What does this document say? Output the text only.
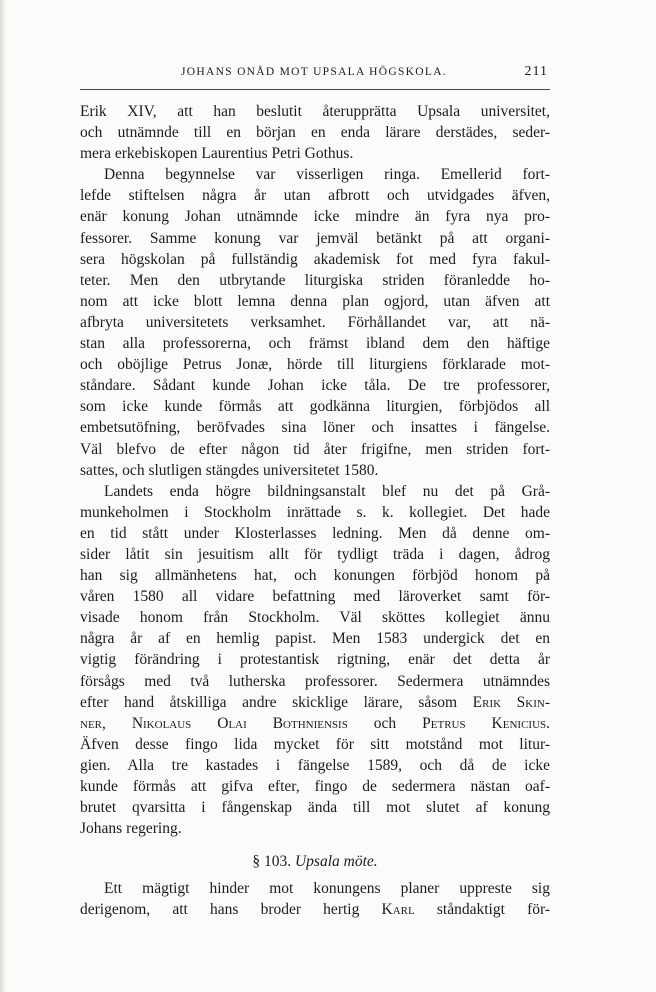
JOHANS ONÅD MOT UPSALA HÖGSKOLA.	211
Erik XIV, att han beslutit återupprätta Upsala universitet,
och utnämnde till en början en enda lärare derstädes, seder-
mera erkebiskopen Laurentius Petri Gothus.
Denna begynnelse var visserligen ringa. Emellerid fort-
lefde stiftelsen några år utan afbrott och utvidgades äfven,
enär konung Johan utnämnde icke mindre än fyra nya pro-
fessorer. Samme konung var jemväl betänkt på att organi-
sera högskolan på fullständig akademisk fot med fyra fakul-
teter. Men den utbrytande liturgiska striden föranledde ho-
nom att icke blott lemna denna plan ogjord, utan äfven att
afbryta universitetets verksamhet. Förhållandet var, att nä-
stan alla professorerna, och främst ibland dem den häftige
och oböjlige Petrus Jonæ, hörde till liturgiens förklarade mot-
ståndare. Sådant kunde Johan icke tåla. De tre professorer,
som icke kunde förmås att godkänna liturgien, förbjödos all
embetsutöfning, beröfvades sina löner och insattes i fängelse.
Väl blefvo de efter någon tid åter frigifne, men striden fort-
sattes, och slutligen stängdes universitetet 1580.
Landets enda högre bildningsanstalt blef nu det på Grå-
munkeholmen i Stockholm inrättade s. k. kollegiet. Det hade
en tid stått under Klosterlasses ledning. Men då denne om-
sider låtit sin jesuitism allt för tydligt träda i dagen, ådrog
han sig allmänhetens hat, och konungen förbjöd honom på
våren 1580 all vidare befattning med läroverket samt för-
visade honom från Stockholm. Väl sköttes kollegiet ännu
några år af en hemlig papist. Men 1583 undergick det en
vigtig förändring i protestantisk rigtning, enär det detta år
försågs med två lutherska professorer. Sedermera utnämndes
efter hand åtskilliga andre skicklige lärare, såsom Erik Skin-
ner, Nikolaus Olai Bothniensis och Petrus Kenicius.
Äfven desse fingo lida mycket för sitt motstånd mot litur-
gien. Alla tre kastades i fängelse 1589, och då de icke
kunde förmås att gifva efter, fingo de sedermera nästan oaf-
brutet qvarsitta i fångenskap ända till mot slutet af konung
Johans regering.
§ 103. Upsala möte.
Ett mägtigt hinder mot konungens planer uppreste sig
derigenom, att hans broder hertig Karl ståndaktigt för-
